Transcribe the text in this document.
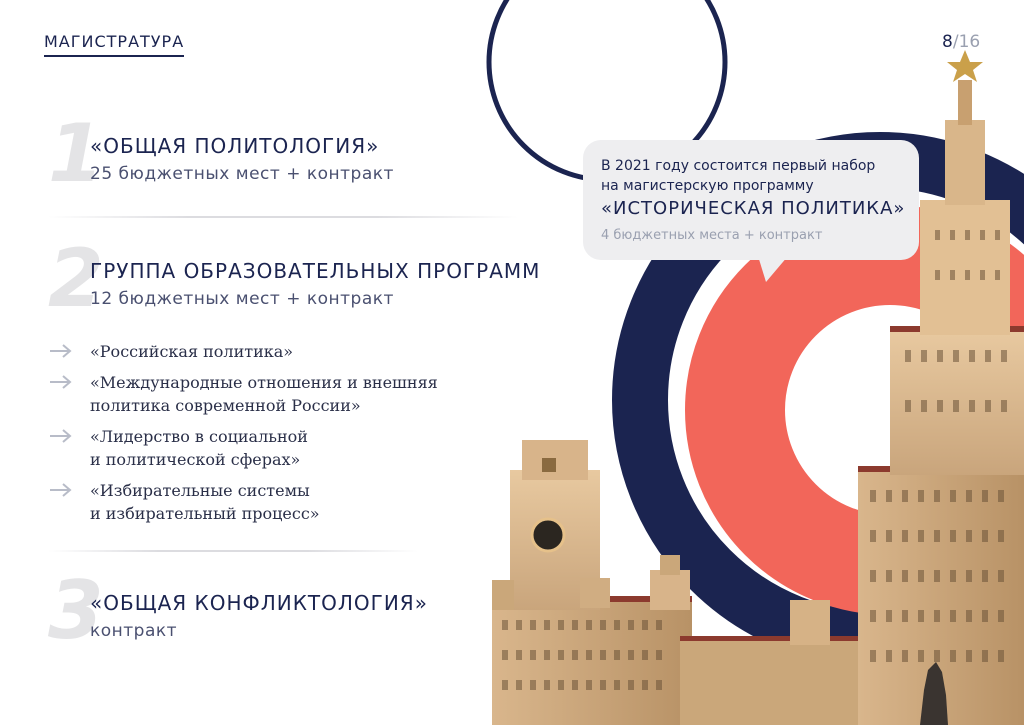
МАГИСТРАТУРА	8/16
В 2021 году состоится первый набор
на магистерскую программу
«ИСТОРИЧЕСКАЯ ПОЛИТИКА»
4 бюджетных места + контракт
1
«ОБЩАЯ ПОЛИТОЛОГИЯ»
25 бюджетных мест + контракт
2
ГРУППА ОБРАЗОВАТЕЛЬНЫХ ПРОГРАММ
12 бюджетных мест + контракт
«Российская политика»
«Международные отношения и внешняя
политика современной России»
«Лидерство в социальной
и политической сферах»
«Избирательные системы
и избирательный процесс»
3
«ОБЩАЯ КОНФЛИКТОЛОГИЯ»
контракт
